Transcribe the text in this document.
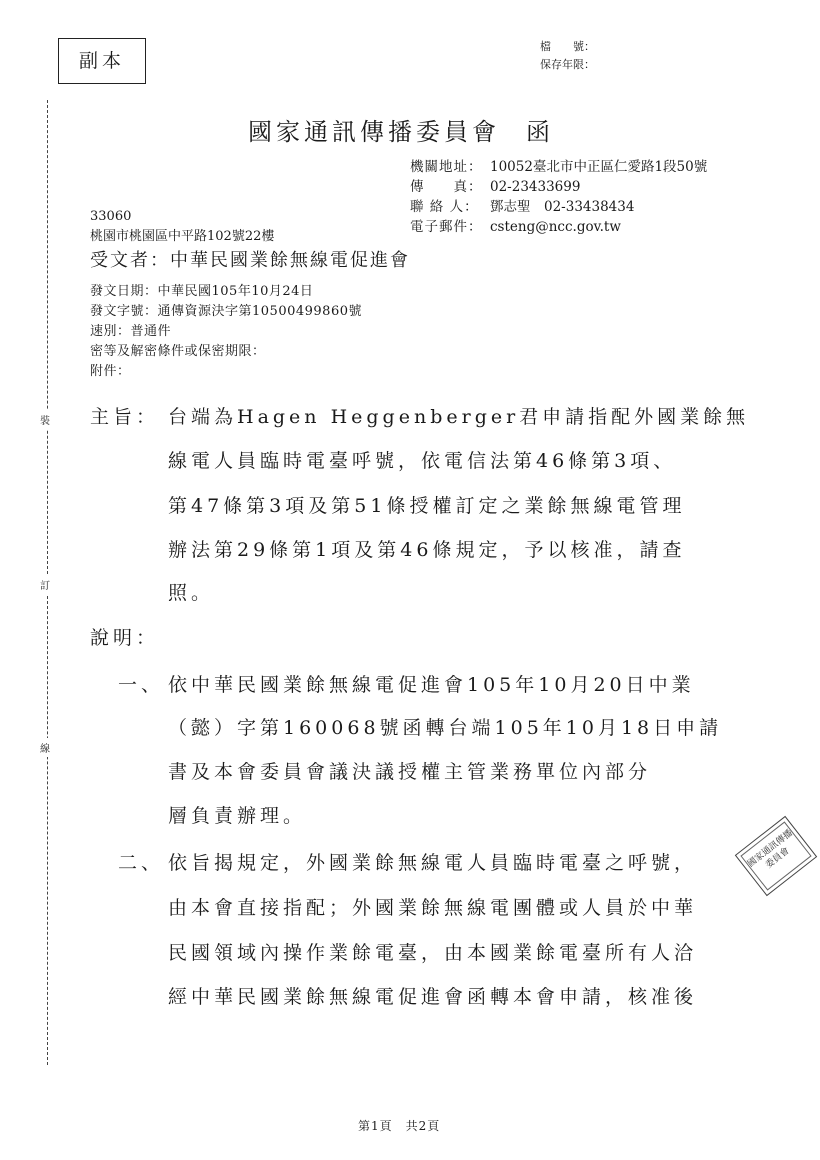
副本
檔　　號：
保存年限：
國家通訊傳播委員會 函
機關地址： 10052臺北市中正區仁愛路1段50號
傳　　真： 02-23433699
聯 絡 人： 鄧志聖　02-33438434
電子郵件： csteng@ncc.gov.tw
33060
桃園市桃園區中平路102號22樓
受文者：中華民國業餘無線電促進會
發文日期：中華民國105年10月24日
發文字號：通傳資源決字第10500499860號
速別：普通件
密等及解密條件或保密期限：
附件：
裝
訂
線
主旨： 台端為Hagen Heggenberger君申請指配外國業餘無
線電人員臨時電臺呼號，依電信法第46條第3項、
第47條第3項及第51條授權訂定之業餘無線電管理
辦法第29條第1項及第46條規定，予以核准，請查
照。
說明：
一、 依中華民國業餘無線電促進會105年10月20日中業
（懿）字第160068號函轉台端105年10月18日申請
書及本會委員會議決議授權主管業務單位內部分
層負責辦理。
二、 依旨揭規定，外國業餘無線電人員臨時電臺之呼號，
由本會直接指配；外國業餘無線電團體或人員於中華
民國領域內操作業餘電臺，由本國業餘電臺所有人洽
經中華民國業餘無線電促進會函轉本會申請，核准後
國家通訊傳播委員會
第1頁　共2頁
